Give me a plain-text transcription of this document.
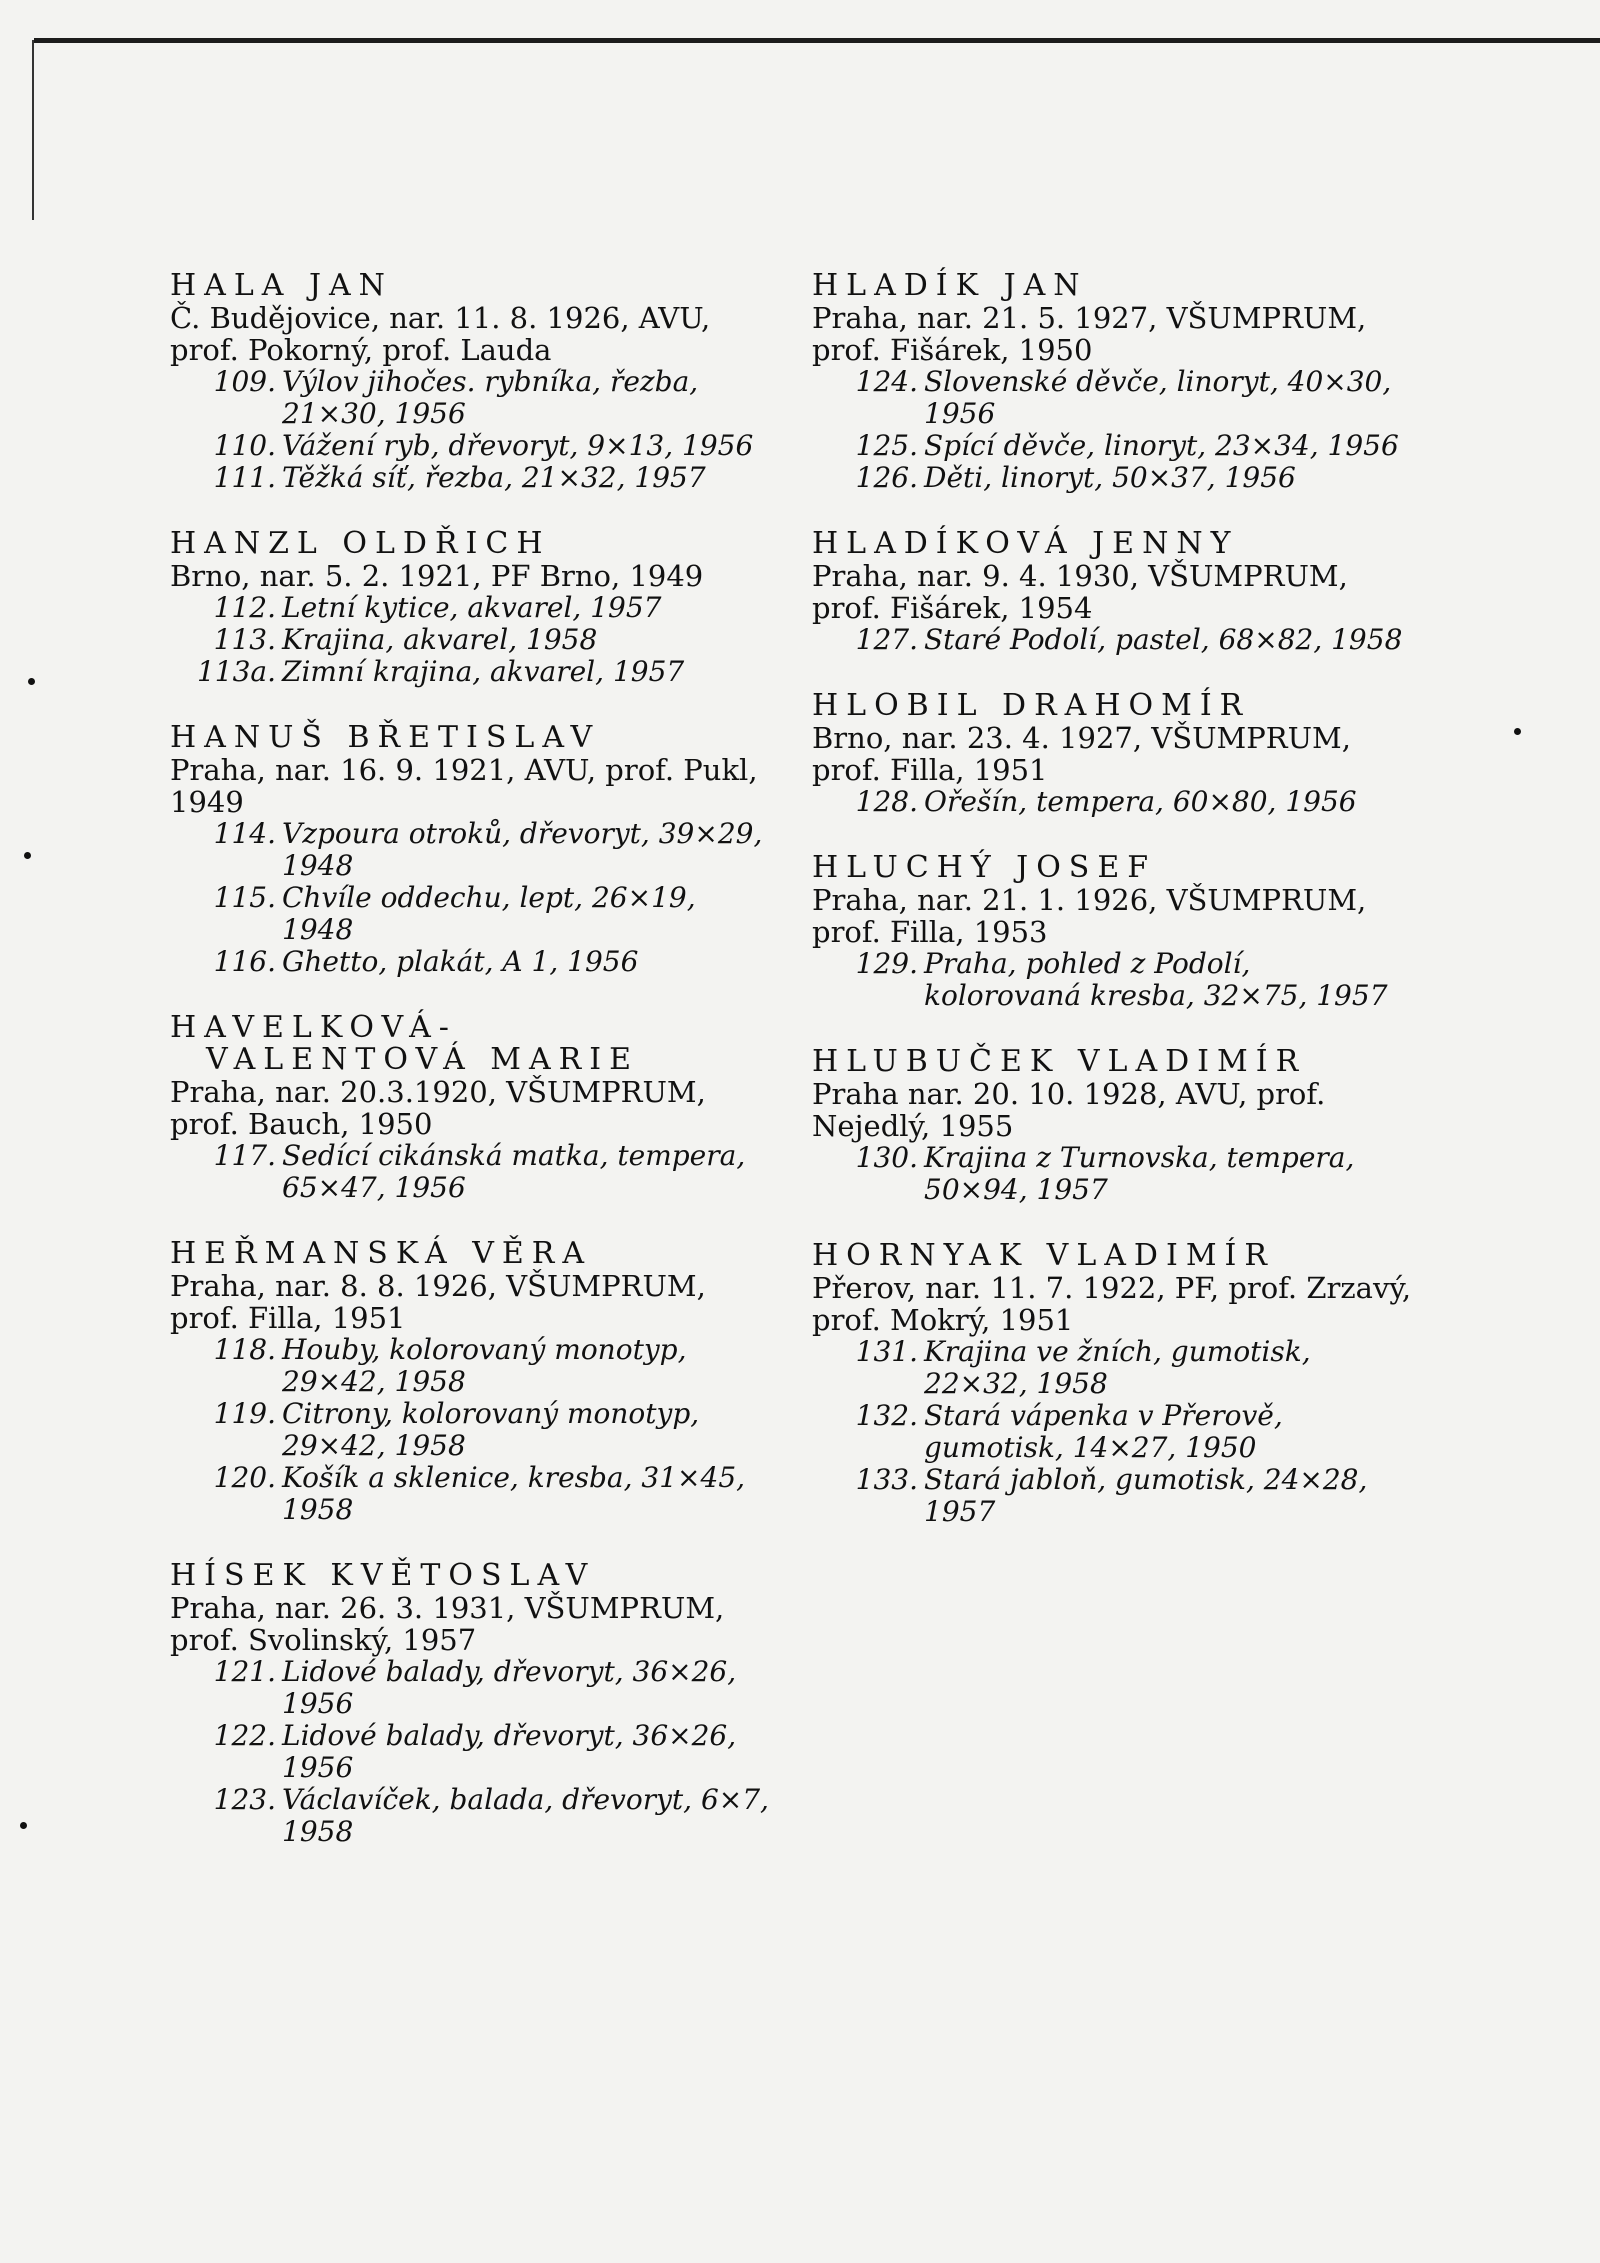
HALA JAN
Č. Budějovice, nar. 11. 8. 1926, AVU, prof. Pokorný, prof. Lauda
109. Výlov jihočes. rybníka, řezba, 21×30, 1956
110. Vážení ryb, dřevoryt, 9×13, 1956
111. Těžká síť, řezba, 21×32, 1957
HANZL OLDŘICH
Brno, nar. 5. 2. 1921, PF Brno, 1949
112. Letní kytice, akvarel, 1957
113. Krajina, akvarel, 1958
113a. Zimní krajina, akvarel, 1957
HANUŠ BŘETISLAV
Praha, nar. 16. 9. 1921, AVU, prof. Pukl, 1949
114. Vzpoura otroků, dřevoryt, 39×29, 1948
115. Chvíle oddechu, lept, 26×19, 1948
116. Ghetto, plakát, A 1, 1956
HAVELKOVÁ-
VALENTOVÁ MARIE
Praha, nar. 20.3.1920, VŠUMPRUM, prof. Bauch, 1950
117. Sedící cikánská matka, tempera, 65×47, 1956
HEŘMANSKÁ VĚRA
Praha, nar. 8. 8. 1926, VŠUMPRUM, prof. Filla, 1951
118. Houby, kolorovaný monotyp, 29×42, 1958
119. Citrony, kolorovaný monotyp, 29×42, 1958
120. Košík a sklenice, kresba, 31×45, 1958
HÍSEK KVĚTOSLAV
Praha, nar. 26. 3. 1931, VŠUMPRUM, prof. Svolinský, 1957
121. Lidové balady, dřevoryt, 36×26, 1956
122. Lidové balady, dřevoryt, 36×26, 1956
123. Václavíček, balada, dřevoryt, 6×7, 1958
HLADÍK JAN
Praha, nar. 21. 5. 1927, VŠUMPRUM, prof. Fišárek, 1950
124. Slovenské děvče, linoryt, 40×30, 1956
125. Spící děvče, linoryt, 23×34, 1956
126. Děti, linoryt, 50×37, 1956
HLADÍKOVÁ JENNY
Praha, nar. 9. 4. 1930, VŠUMPRUM, prof. Fišárek, 1954
127. Staré Podolí, pastel, 68×82, 1958
HLOBIL DRAHOMÍR
Brno, nar. 23. 4. 1927, VŠUMPRUM, prof. Filla, 1951
128. Ořešín, tempera, 60×80, 1956
HLUCHÝ JOSEF
Praha, nar. 21. 1. 1926, VŠUMPRUM, prof. Filla, 1953
129. Praha, pohled z Podolí, kolorovaná kresba, 32×75, 1957
HLUBUČEK VLADIMÍR
Praha nar. 20. 10. 1928, AVU, prof. Nejedlý, 1955
130. Krajina z Turnovska, tempera, 50×94, 1957
HORNYAK VLADIMÍR
Přerov, nar. 11. 7. 1922, PF, prof. Zrzavý, prof. Mokrý, 1951
131. Krajina ve žních, gumotisk, 22×32, 1958
132. Stará vápenka v Přerově, gumotisk, 14×27, 1950
133. Stará jabloň, gumotisk, 24×28, 1957
